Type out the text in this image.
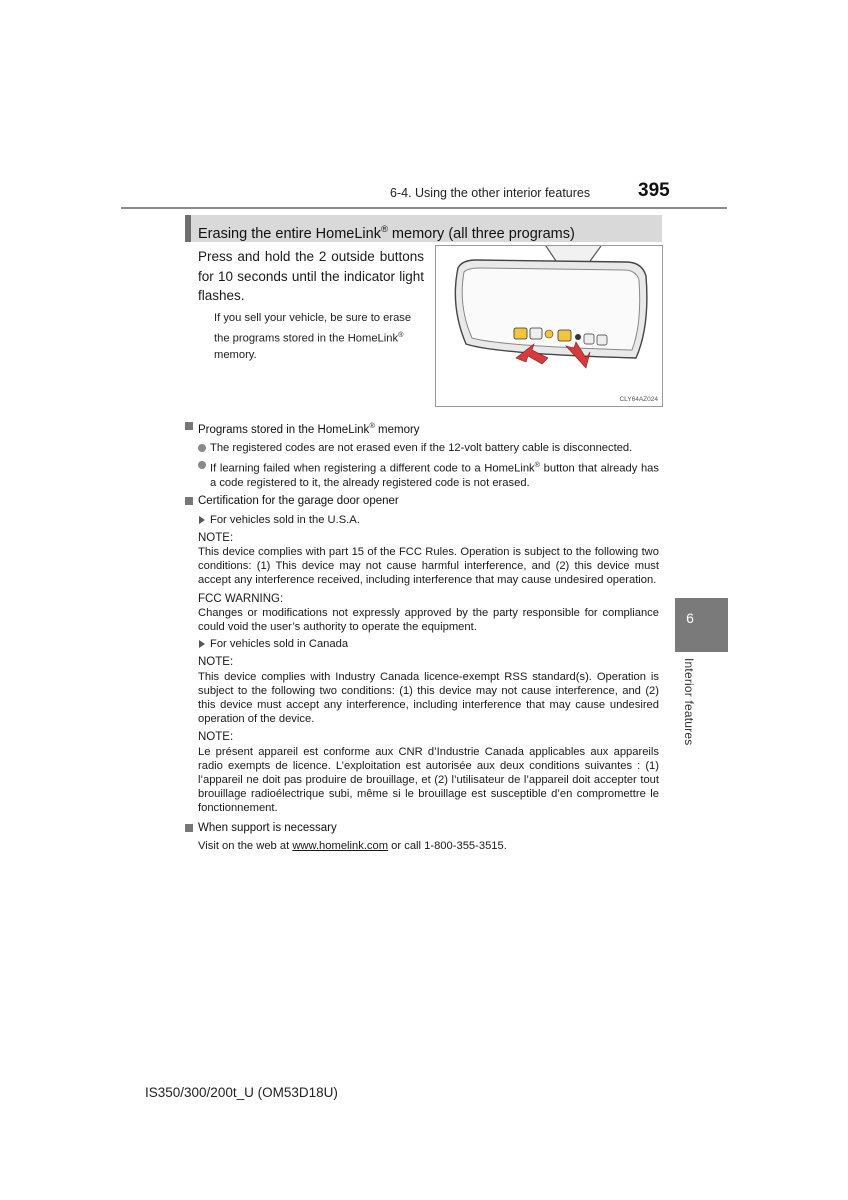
6-4. Using the other interior features	395
Erasing the entire HomeLink® memory (all three programs)
Press and hold the 2 outside buttons for 10 seconds until the indicator light flashes.
If you sell your vehicle, be sure to erase the programs stored in the HomeLink® memory.
CLY64AZ024
Programs stored in the HomeLink® memory
The registered codes are not erased even if the 12-volt battery cable is disconnected.
If learning failed when registering a different code to a HomeLink® button that already has a code registered to it, the already registered code is not erased.
Certification for the garage door opener
For vehicles sold in the U.S.A.
NOTE:
This device complies with part 15 of the FCC Rules. Operation is subject to the following two conditions: (1) This device may not cause harmful interference, and (2) this device must accept any interference received, including interference that may cause undesired operation.
FCC WARNING:
Changes or modifications not expressly approved by the party responsible for compliance could void the user’s authority to operate the equipment.
For vehicles sold in Canada
NOTE:
This device complies with Industry Canada licence-exempt RSS standard(s). Operation is subject to the following two conditions: (1) this device may not cause interference, and (2) this device must accept any interference, including interference that may cause undesired operation of the device.
NOTE:
Le présent appareil est conforme aux CNR d’Industrie Canada applicables aux appareils radio exempts de licence. L’exploitation est autorisée aux deux conditions suivantes : (1) l’appareil ne doit pas produire de brouillage, et (2) l’utilisateur de l’appareil doit accepter tout brouillage radioélectrique subi, même si le brouillage est susceptible d’en compromettre le fonctionnement.
When support is necessary
Visit on the web at www.homelink.com or call 1-800-355-3515.
6
Interior features
IS350/300/200t_U (OM53D18U)
